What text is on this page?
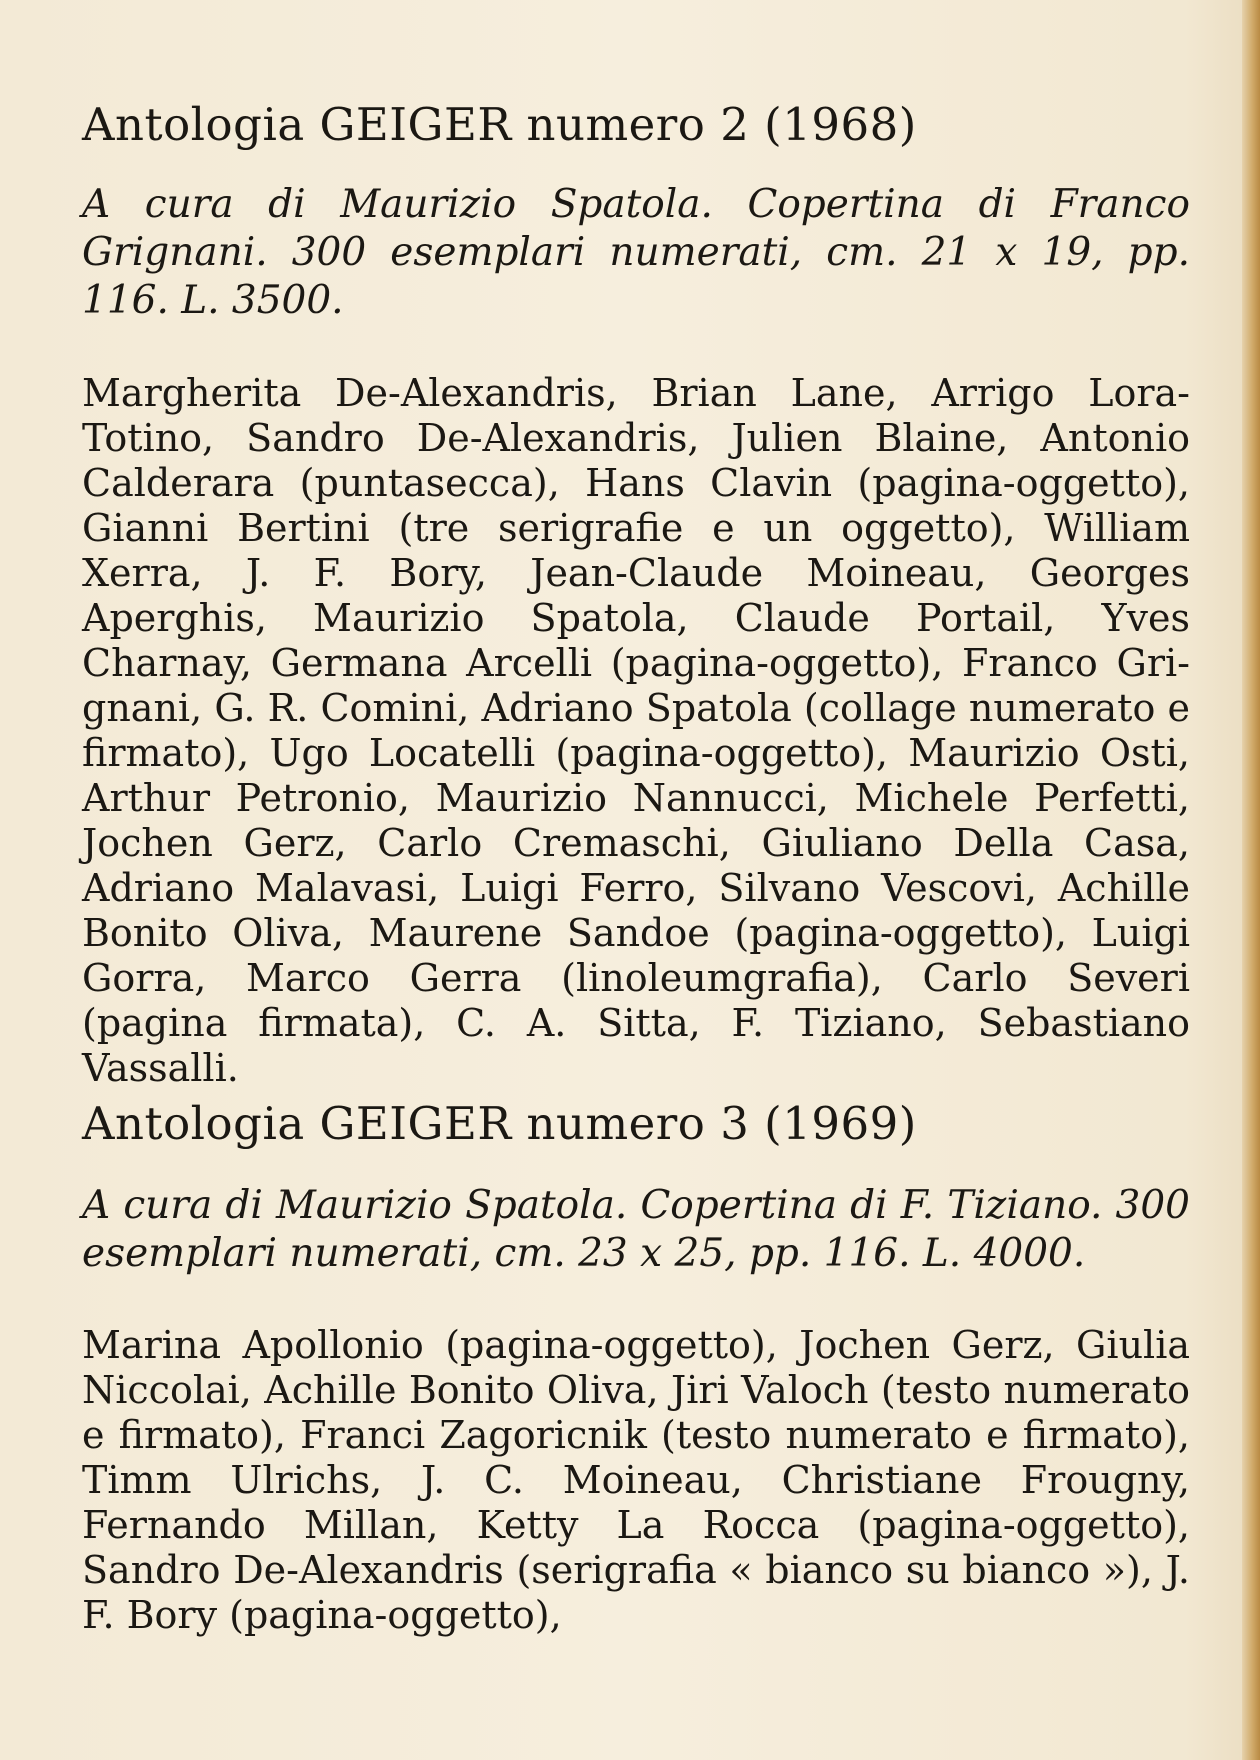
Antologia GEIGER numero 2 (1968)

A cura di Maurizio Spatola. Copertina di Franco Grignani. 300 esemplari numerati, cm. 21 x 19, pp. 116. L. 3500.

Margherita De-Alexandris, Brian Lane, Arrigo Lora-Totino, Sandro De-Alexandris, Julien Blaine, Antonio Calderara (puntasecca), Hans Clavin (pagina-oggetto), Gianni Bertini (tre serigrafie e un oggetto), William Xerra, J. F. Bory, Jean-Claude Moineau, Georges Aperghis, Maurizio Spatola, Claude Portail, Yves Charnay, Germana Arcelli (pagina-oggetto), Franco Grignani, G. R. Comini, Adriano Spatola (collage numerato e firmato), Ugo Locatelli (pagina-oggetto), Maurizio Osti, Arthur Petronio, Maurizio Nannucci, Michele Perfetti, Jochen Gerz, Carlo Cremaschi, Giuliano Della Casa, Adriano Malavasi, Luigi Ferro, Silvano Vescovi, Achille Bonito Oliva, Maurene Sandoe (pagina-oggetto), Luigi Gorra, Marco Gerra (linoleumgrafia), Carlo Severi (pagina firmata), C. A. Sitta, F. Tiziano, Sebastiano Vassalli.

Antologia GEIGER numero 3 (1969)

A cura di Maurizio Spatola. Copertina di F. Tiziano. 300 esemplari numerati, cm. 23 x 25, pp. 116. L. 4000.

Marina Apollonio (pagina-oggetto), Jochen Gerz, Giulia Niccolai, Achille Bonito Oliva, Jiri Valoch (testo numerato e firmato), Franci Zagoricnik (testo numerato e firmato), Timm Ulrichs, J. C. Moineau, Christiane Frougny, Fernando Millan, Ketty La Rocca (pagina-oggetto), Sandro De-Alexandris (serigrafia « bianco su bianco »), J. F. Bory (pagina-oggetto),
